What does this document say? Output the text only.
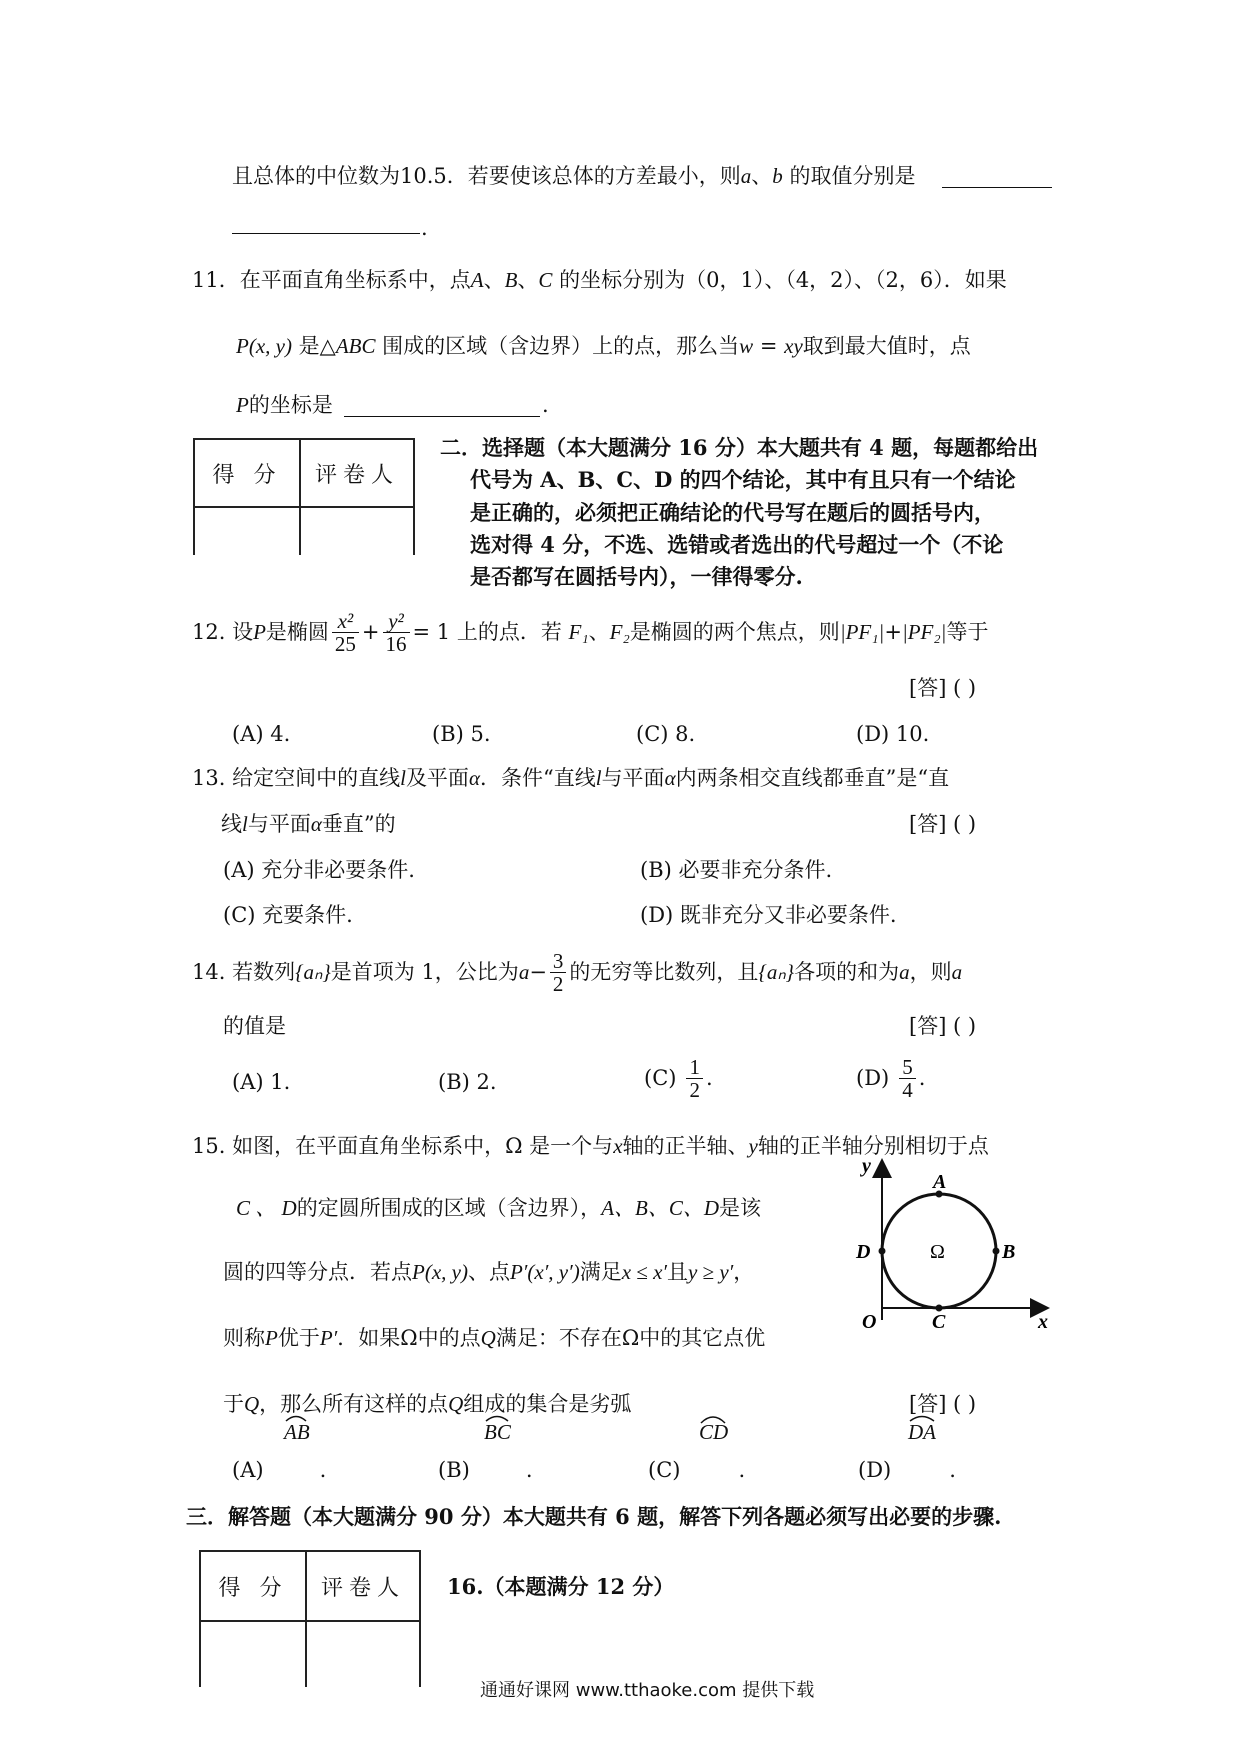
且总体的中位数为10.5．若要使该总体的方差最小，则a、b 的取值分别是
.
11．在平面直角坐标系中，点A、B、C 的坐标分别为（0，1）、（4，2）、（2，6）．如果
P(x, y) 是△ABC 围成的区域（含边界）上的点，那么当w = xy取到最大值时，点
P的坐标是	.
得 分	评卷人

二．选择题（本大题满分 16 分）本大题共有 4 题，每题都给出
代号为 A、B、C、D 的四个结论，其中有且只有一个结论
是正确的，必须把正确结论的代号写在题后的圆括号内，
选对得 4 分，不选、选错或者选出的代号超过一个（不论
是否都写在圆括号内），一律得零分.
12.
设 P 是椭圆 $\frac{\text{x²}}{25} + \frac{\text{y²}}{16} = 1$ 上的点．若
F₁ 、 F₂ 是椭圆的两个焦点，则 |PF₁| + |PF₂| 等于
[答] ( )
(A) 4.	(B) 5.	(C) 8.	(D) 10.
13. 给定空间中的直线l及平面α．条件“直线l与平面α内两条相交直线都垂直”是“直
线l与平面α垂直”的	[答] ( )
(A) 充分非必要条件.	(B) 必要非充分条件.
(C) 充要条件.	(D) 既非充分又非必要条件.
14.
若数列 {aₙ} 是首项为 1，公比为 $a - \frac{3}{2}$ 的无穷等比数列，且 {aₙ} 各项的和为 a ，则 a
的值是	[答] ( )
(A) 1.	(B) 2.	$(C) \frac{1}{2}$ .	$(D) \frac{5}{4}$ .
15. 如图，在平面直角坐标系中，Ω 是一个与x轴的正半轴、y轴的正半轴分别相切于点
C 、 D的定圆所围成的区域（含边界），A、B、C、D是该
圆的四等分点．若点P(x, y)、点P′(x′, y′)满足x ≤ x′且y ≥ y′，
则称P优于P′．如果Ω中的点Q满足：不存在Ω中的其它点优
于Q，那么所有这样的点Q组成的集合是劣弧	[答] ( )
y
x
O
A
B
C
D	Ω
AB	BC	CD	DA
(A)	.	(B)	.	(C)	.	(D)	.
三．解答题（本大题满分 90 分）本大题共有 6 题，解答下列各题必须写出必要的步骤.
得 分	评卷人
	16.（本题满分 12 分）
通通好课网 www.tthaoke.com 提供下载
